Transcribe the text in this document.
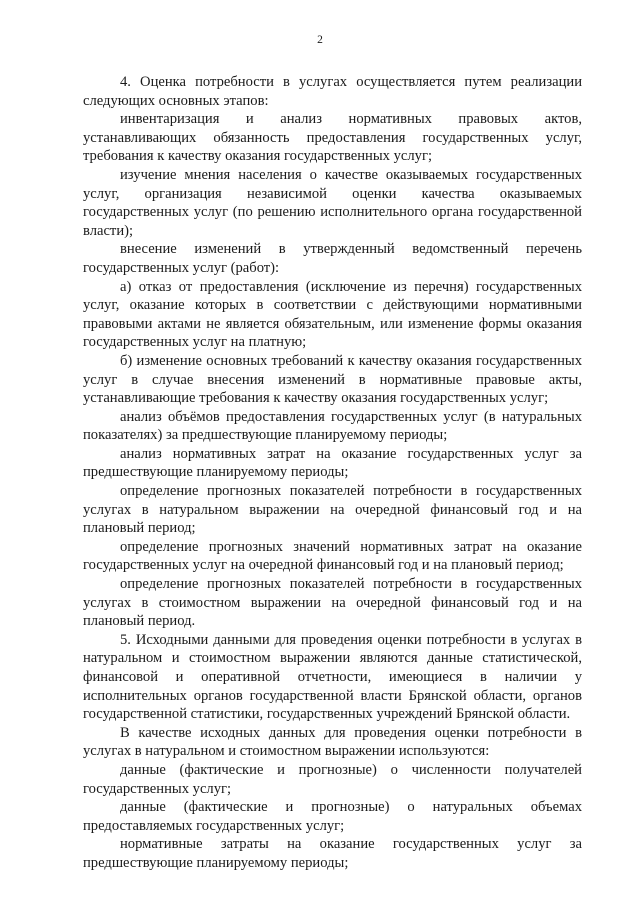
2

4. Оценка потребности в услугах осуществляется путем реализации следующих основных этапов:

инвентаризация и анализ нормативных правовых актов, устанавливающих обязанность предоставления государственных услуг, требования к качеству оказания государственных услуг;

изучение мнения населения о качестве оказываемых государственных услуг, организация независимой оценки качества оказываемых государственных услуг (по решению исполнительного органа государственной власти);

внесение изменений в утвержденный ведомственный перечень государственных услуг (работ):

а) отказ от предоставления (исключение из перечня) государственных услуг, оказание которых в соответствии с действующими нормативными правовыми актами не является обязательным, или изменение формы оказания государственных услуг на платную;

б) изменение основных требований к качеству оказания государственных услуг в случае внесения изменений в нормативные правовые акты, устанавливающие требования к качеству оказания государственных услуг;

анализ объёмов предоставления государственных услуг (в натуральных показателях) за предшествующие планируемому периоды;

анализ нормативных затрат на оказание государственных услуг за предшествующие планируемому периоды;

определение прогнозных показателей потребности в государственных услугах в натуральном выражении на очередной финансовый год и на плановый период;

определение прогнозных значений нормативных затрат на оказание государственных услуг на очередной финансовый год и на плановый период;

определение прогнозных показателей потребности в государственных услугах в стоимостном выражении на очередной финансовый год и на плановый период.

5. Исходными данными для проведения оценки потребности в услугах в натуральном и стоимостном выражении являются данные статистической, финансовой и оперативной отчетности, имеющиеся в наличии у исполнительных органов государственной власти Брянской области, органов государственной статистики, государственных учреждений Брянской области.

В качестве исходных данных для проведения оценки потребности в услугах в натуральном и стоимостном выражении используются:

данные (фактические и прогнозные) о численности получателей государственных услуг;

данные (фактические и прогнозные) о натуральных объемах предоставляемых государственных услуг;

нормативные затраты на оказание государственных услуг за предшествующие планируемому периоды;
